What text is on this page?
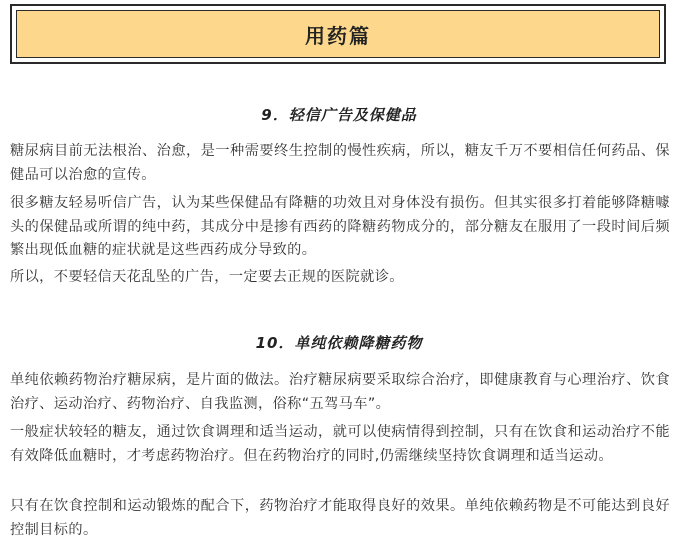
用药篇
9．轻信广告及保健品

糖尿病目前无法根治、治愈，是一种需要终生控制的慢性疾病，所以，糖友千万不要相信任何药品、保健品可以治愈的宣传。

很多糖友轻易听信广告，认为某些保健品有降糖的功效且对身体没有损伤。但其实很多打着能够降糖噱头的保健品或所谓的纯中药，其成分中是掺有西药的降糖药物成分的，部分糖友在服用了一段时间后频繁出现低血糖的症状就是这些西药成分导致的。

所以，不要轻信天花乱坠的广告，一定要去正规的医院就诊。

10．单纯依赖降糖药物

单纯依赖药物治疗糖尿病，是片面的做法。治疗糖尿病要采取综合治疗，即健康教育与心理治疗、饮食治疗、运动治疗、药物治疗、自我监测，俗称“五驾马车”。

一般症状较轻的糖友，通过饮食调理和适当运动，就可以使病情得到控制，只有在饮食和运动治疗不能有效降低血糖时，才考虑药物治疗。但在药物治疗的同时,仍需继续坚持饮食调理和适当运动。

只有在饮食控制和运动锻炼的配合下，药物治疗才能取得良好的效果。单纯依赖药物是不可能达到良好控制目标的。
